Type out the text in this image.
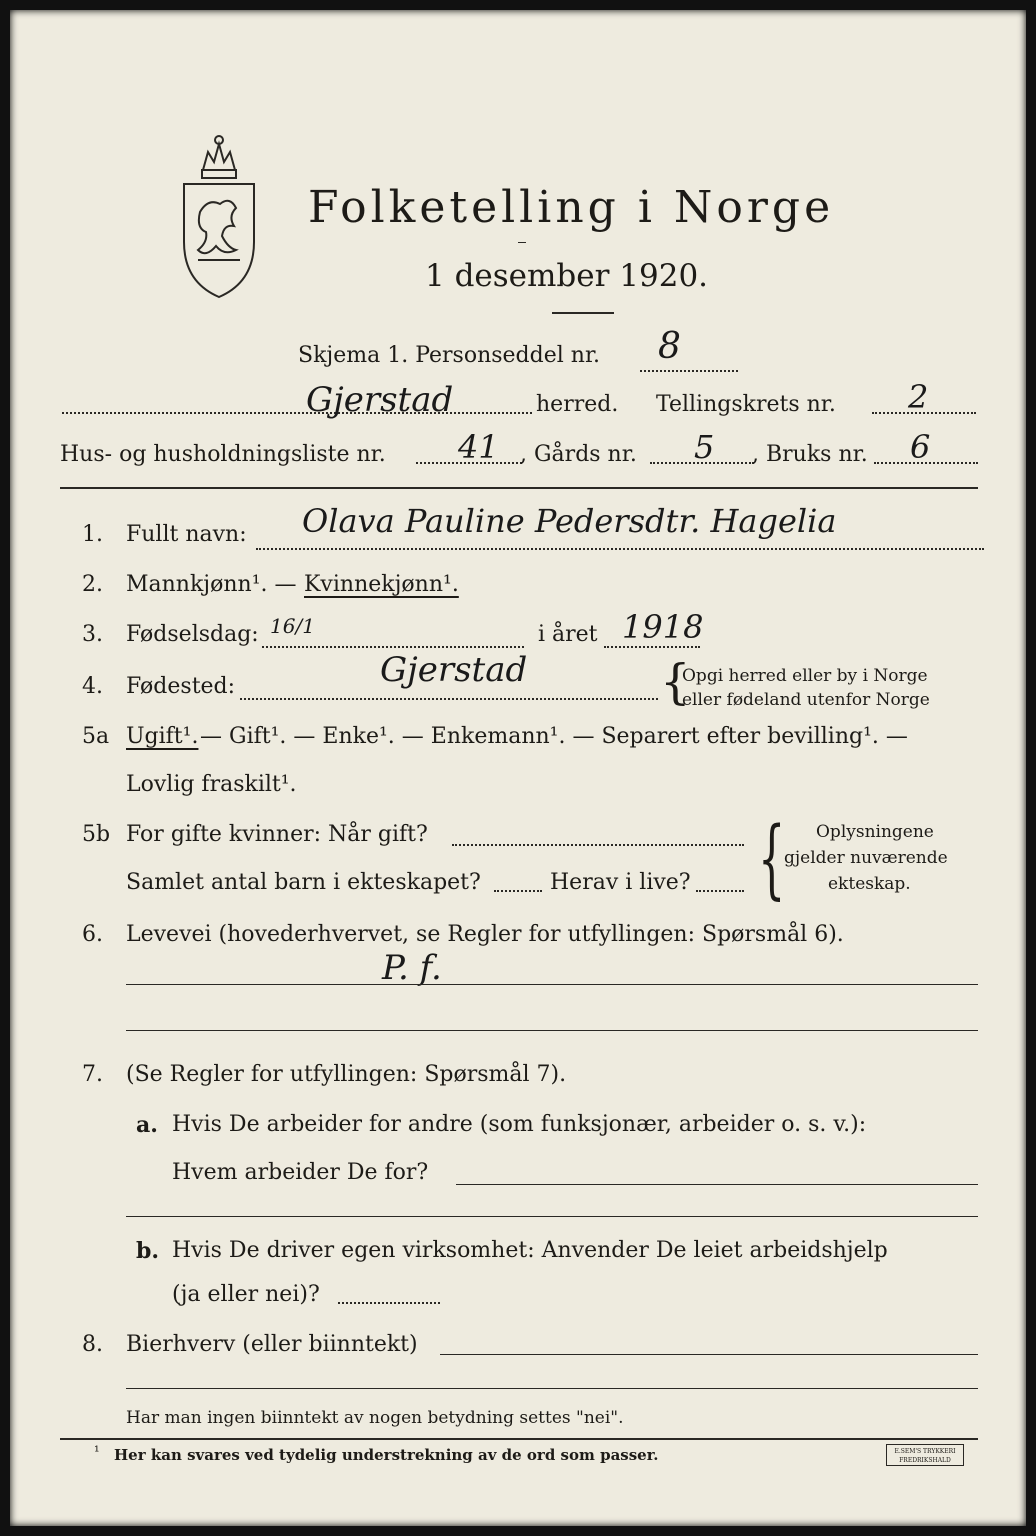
Folketelling i Norge
1 desember 1920.
Skjema 1. Personseddel nr. 8
Gjerstad	herred. Tellingskrets nr. 2
Hus- og husholdningsliste nr. 41 , Gårds nr. 5 , Bruks nr. 6
1. Fullt navn: Olava Pauline Pedersdtr. Hagelia
2. Mannkjønn¹. — Kvinnekjønn¹.
3. Fødselsdag: 16/1	i året 1918
4. Fødested:	Gjerstad	{
Opgi herred eller by i Norge
eller fødeland utenfor Norge
5a Ugift¹. — Gift¹. — Enke¹. — Enkemann¹. — Separert efter bevilling¹. —
Lovlig fraskilt¹.
5b For gifte kvinner: Når gift?
Samlet antal barn i ekteskapet?	Herav i live? { Oplysningene
gjelder nuværende
ekteskap.
6. Levevei (hovederhvervet, se Regler for utfyllingen: Spørsmål 6).
P. f.
7. (Se Regler for utfyllingen: Spørsmål 7).
a. Hvis De arbeider for andre (som funksjonær, arbeider o. s. v.):
Hvem arbeider De for?
b. Hvis De driver egen virksomhet: Anvender De leiet arbeidshjelp
(ja eller nei)?
8. Bierhverv (eller biinntekt)
Har man ingen biinntekt av nogen betydning settes "nei".
¹ Her kan svares ved tydelig understrekning av de ord som passer.	E.SEM'S TRYKKERI
FREDRIKSHALD
